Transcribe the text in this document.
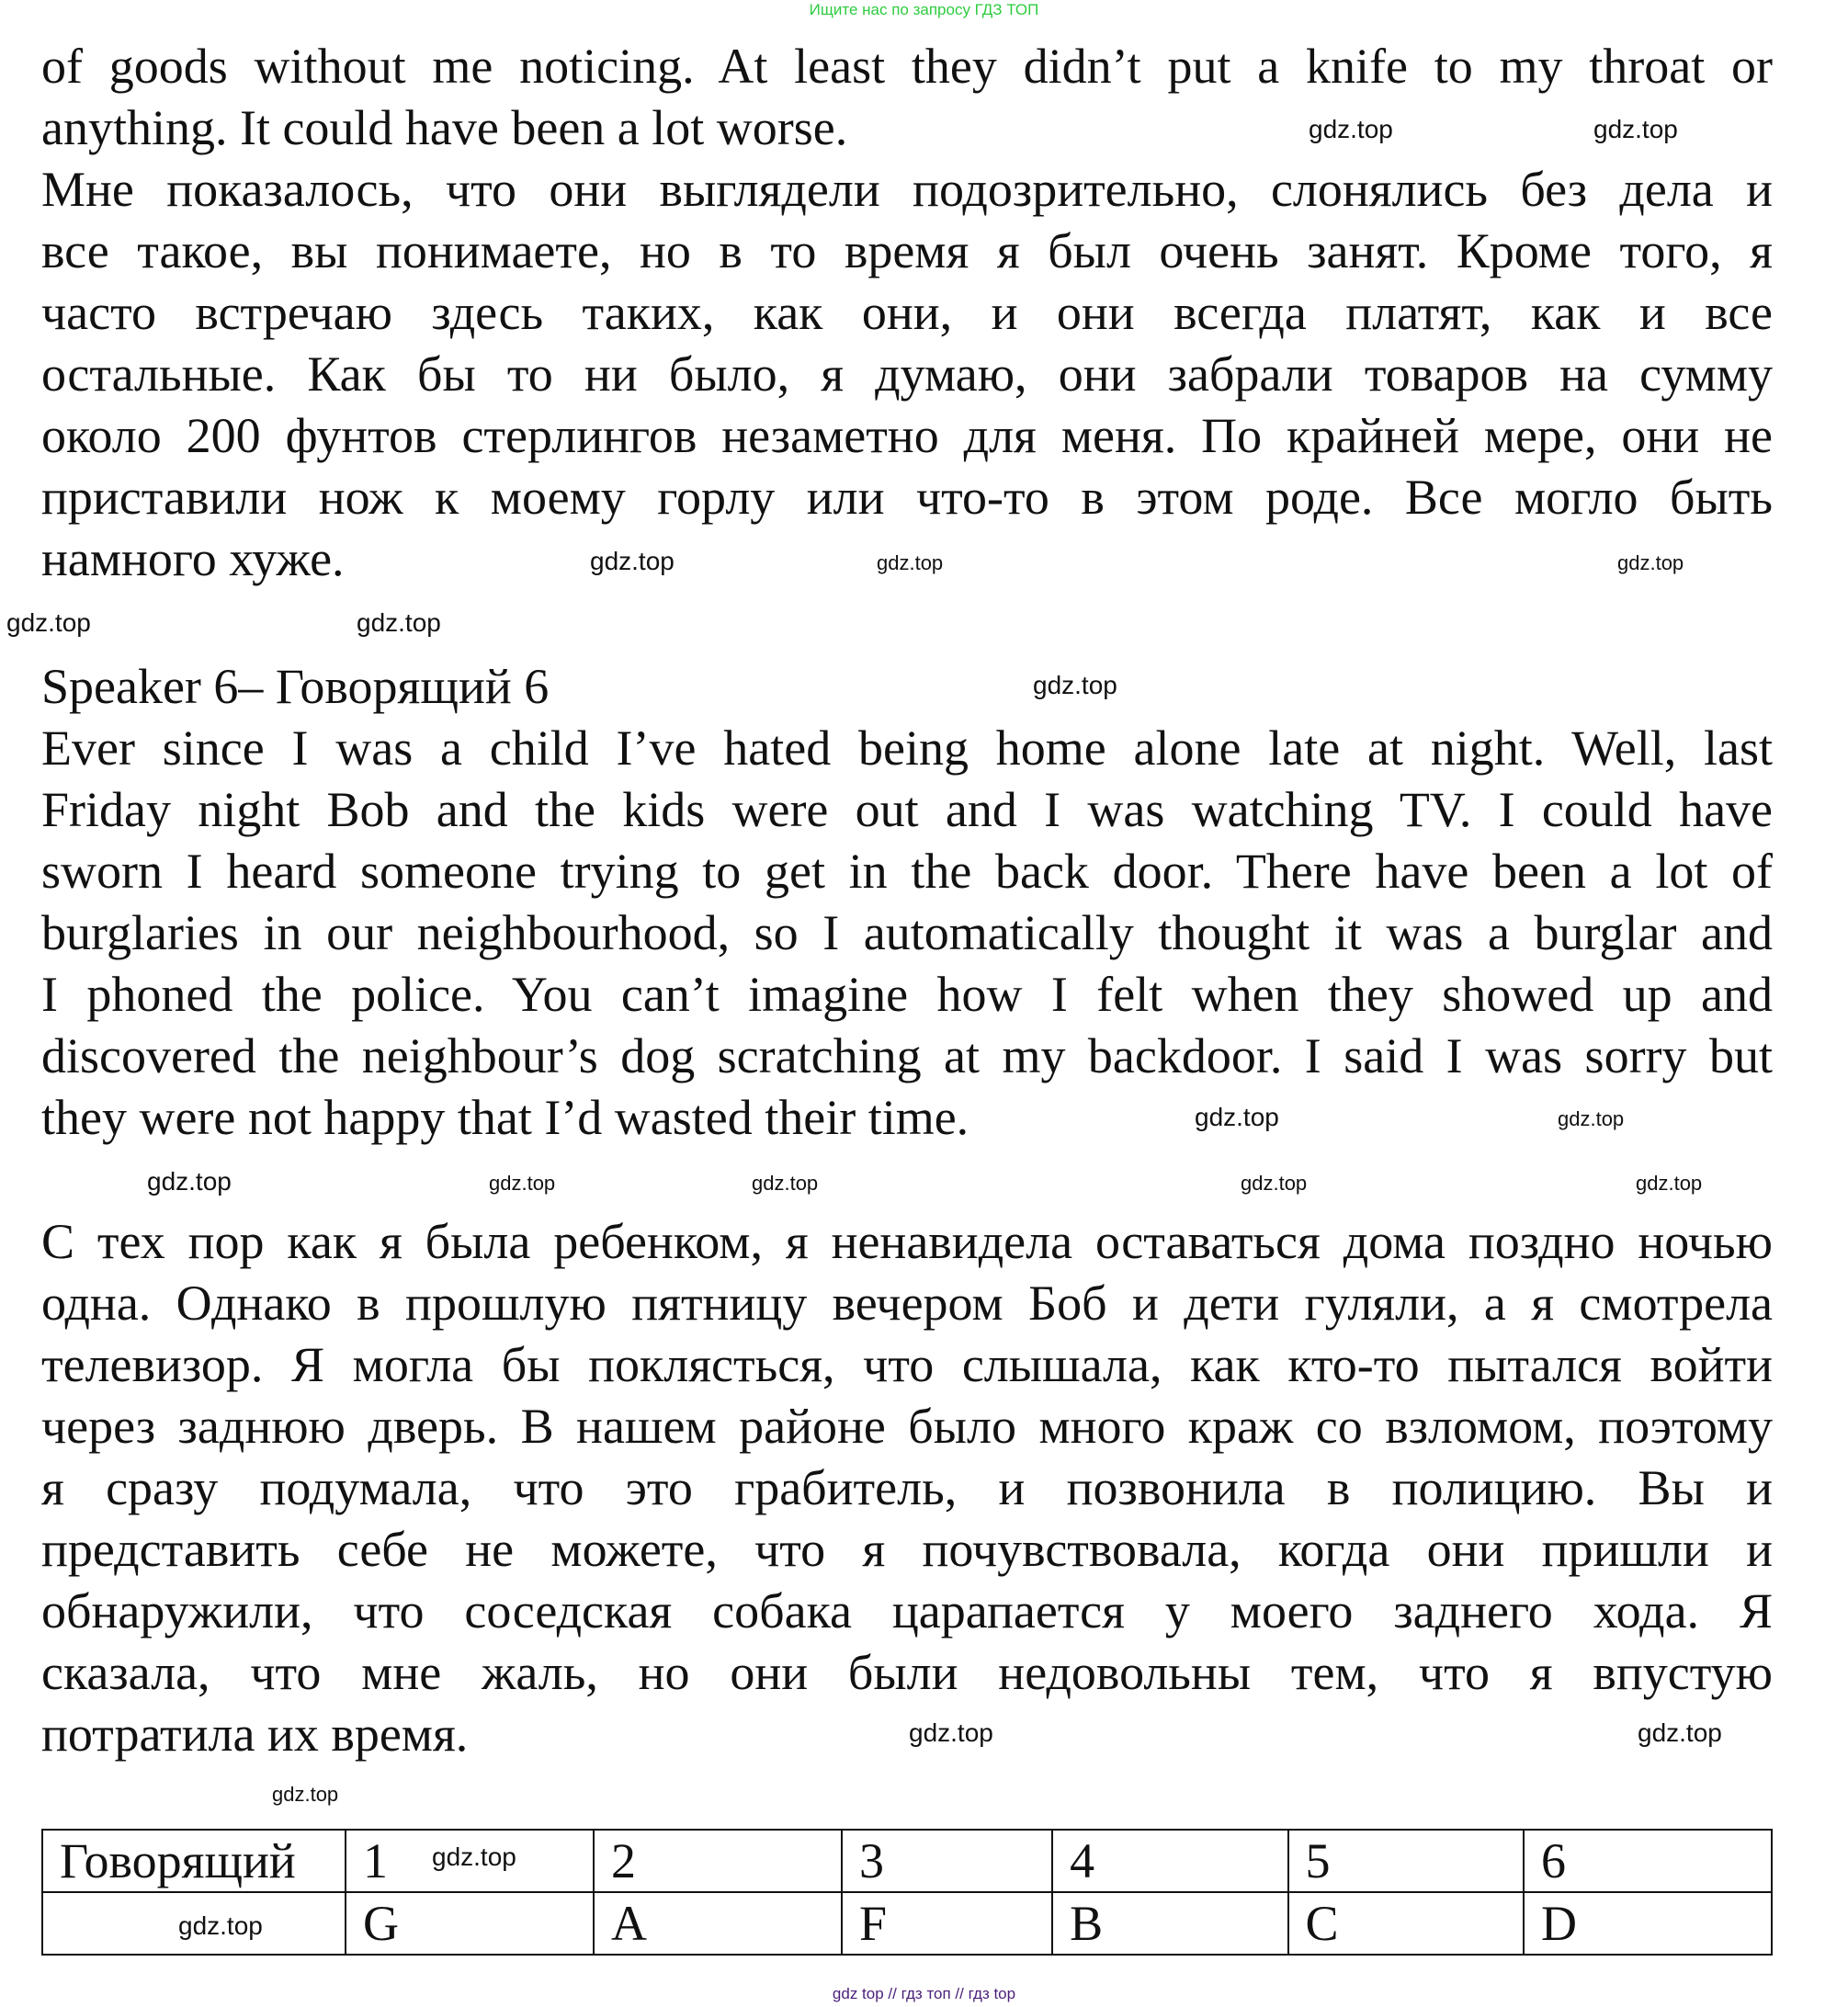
Ищите нас по запросу ГДЗ ТОП
of goods without me noticing. At least they didn’t put a knife to my throat or
anything. It could have been a lot worse.
Мне показалось, что они выглядели подозрительно, слонялись без дела и
все такое, вы понимаете, но в то время я был очень занят. Кроме того, я
часто встречаю здесь таких, как они, и они всегда платят, как и все
остальные. Как бы то ни было, я думаю, они забрали товаров на сумму
около 200 фунтов стерлингов незаметно для меня. По крайней мере, они не
приставили нож к моему горлу или что-то в этом роде. Все могло быть
намного хуже.
Speaker 6– Говорящий 6
Ever since I was a child I’ve hated being home alone late at night. Well, last
Friday night Bob and the kids were out and I was watching TV. I could have
sworn I heard someone trying to get in the back door. There have been a lot of
burglaries in our neighbourhood, so I automatically thought it was a burglar and
I phoned the police. You can’t imagine how I felt when they showed up and
discovered the neighbour’s dog scratching at my backdoor. I said I was sorry but
they were not happy that I’d wasted their time.
С тех пор как я была ребенком, я ненавидела оставаться дома поздно ночью
одна. Однако в прошлую пятницу вечером Боб и дети гуляли, а я смотрела
телевизор. Я могла бы поклясться, что слышала, как кто-то пытался войти
через заднюю дверь. В нашем районе было много краж со взломом, поэтому
я сразу подумала, что это грабитель, и позвонила в полицию. Вы и
представить себе не можете, что я почувствовала, когда они пришли и
обнаружили, что соседская собака царапается у моего заднего хода. Я
сказала, что мне жаль, но они были недовольны тем, что я впустую
потратила их время.
Говорящий	1	2	3	4	5	6
	G	A	F	B	C	D
gdz.top
gdz.top
gdz.top
gdz.top	gdz.top
gdz.top
gdz.top
gdz.top
gdz.top
gdz.top
gdz.top
gdz.top	gdz.top	gdz.top	gdz.top
gdz.top
gdz.top
gdz.top
gdz.top
gdz.top
gdz top // гдз топ // гдз top
